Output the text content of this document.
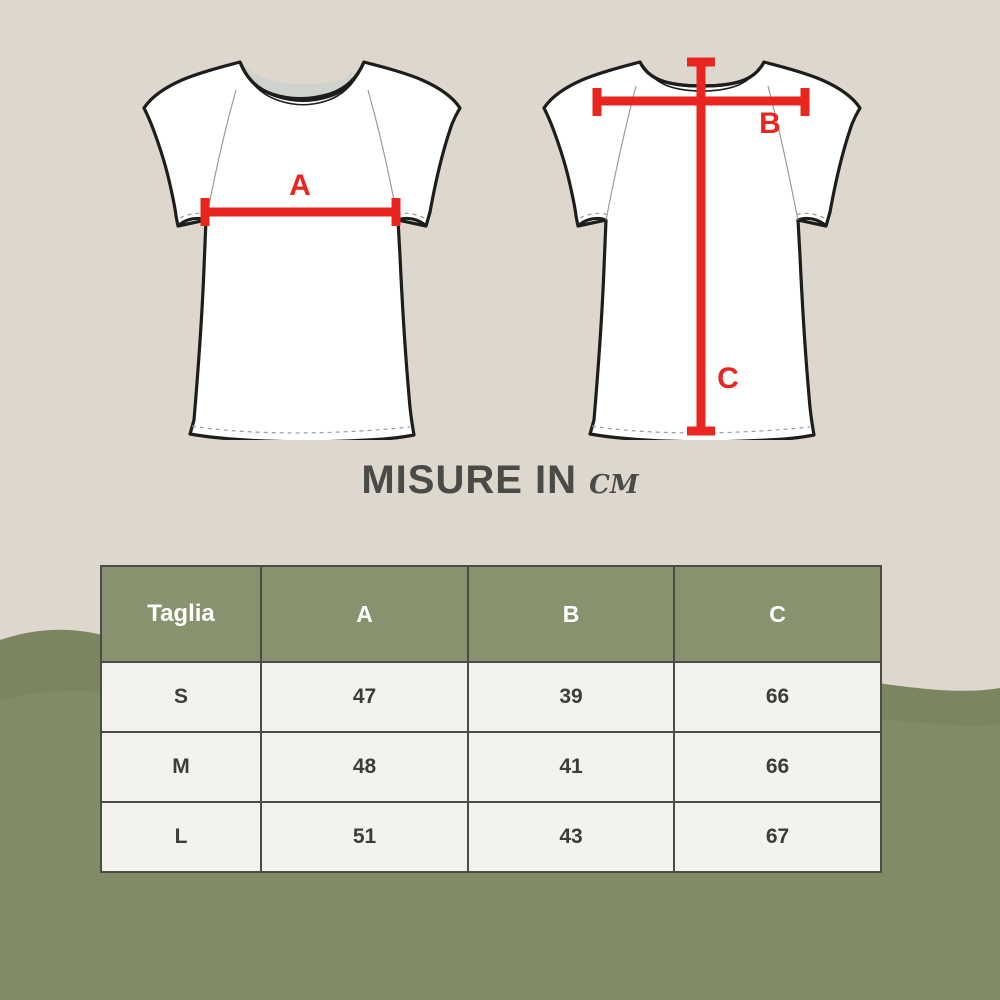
A
B
C
MISURE IN cm
Taglia	A	B	C
S	47	39	66
M	48	41	66
L	51	43	67
